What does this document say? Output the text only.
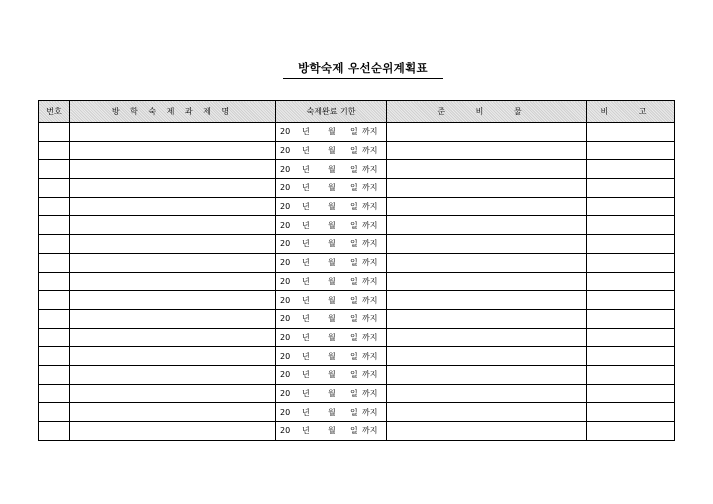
방학숙제 우선순위계획표
번호	방 학 숙 제 과 제 명	숙제완료 기한	준 비 물	비 고
		20 년 월 일 까지		
		20 년 월 일 까지		
		20 년 월 일 까지		
		20 년 월 일 까지		
		20 년 월 일 까지		
		20 년 월 일 까지		
		20 년 월 일 까지		
		20 년 월 일 까지		
		20 년 월 일 까지		
		20 년 월 일 까지		
		20 년 월 일 까지		
		20 년 월 일 까지		
		20 년 월 일 까지		
		20 년 월 일 까지		
		20 년 월 일 까지		
		20 년 월 일 까지		
		20 년 월 일 까지		
